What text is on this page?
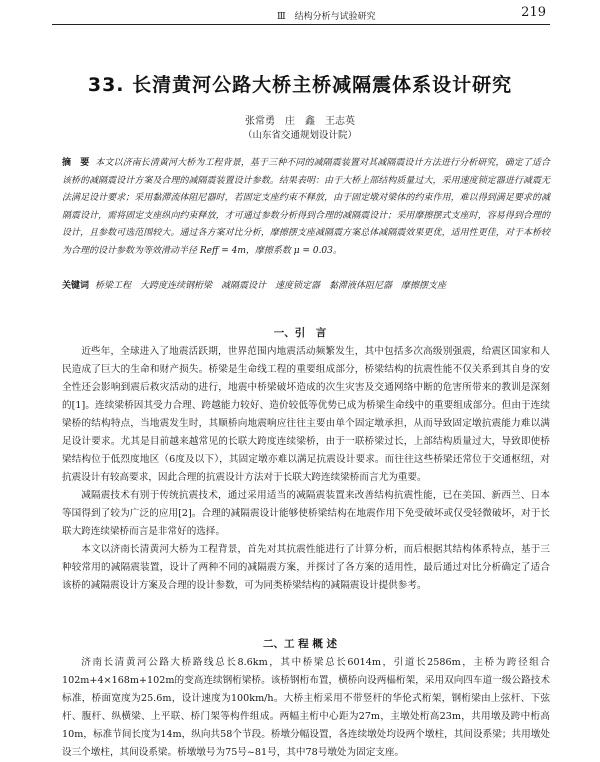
Ⅲ　结构分析与试验研究	219
33. 长清黄河公路大桥主桥减隔震体系设计研究
张常勇　庄　鑫　王志英
（山东省交通规划设计院）
摘　要 本文以济南长清黄河大桥为工程背景，基于三种不同的减隔震装置对其减隔震设计方法进行分析研究，确定了适合该桥的减隔震设计方案及合理的减隔震装置设计参数。结果表明：由于大桥上部结构质量过大，采用速度锁定器进行减震无法满足设计要求；采用黏滞流体阻尼器时，若固定支座约束不释放，由于固定墩对梁体的约束作用，难以得到满足要求的减隔震设计，需将固定支座纵向约束释放，才可通过参数分析得到合理的减隔震设计；采用摩擦摆式支座时，容易得到合理的设计，且参数可选范围较大。通过各方案对比分析，摩擦摆支座减隔震方案总体减隔震效果更优，适用性更佳，对于本桥较为合理的设计参数为等效滑动半径 Reff = 4m，摩擦系数 μ = 0.03。
关键词 桥梁工程　大跨度连续钢桁梁　减隔震设计　速度锁定器　黏滞液体阻尼器　摩擦摆支座
一、引　言

近些年，全球进入了地震活跃期，世界范围内地震活动频繁发生，其中包括多次高级别强震，给震区国家和人民造成了巨大的生命和财产损失。桥梁是生命线工程的重要组成部分，桥梁结构的抗震性能不仅关系到其自身的安全性还会影响到震后救灾活动的进行，地震中桥梁破坏造成的次生灾害及交通网络中断的危害所带来的教训是深刻的[1]。连续梁桥因其受力合理、跨越能力较好、造价较低等优势已成为桥梁生命线中的重要组成部分。但由于连续梁桥的结构特点，当地震发生时，其顺桥向地震响应往往主要由单个固定墩承担，从而导致固定墩抗震能力难以满足设计要求。尤其是目前越来越常见的长联大跨度连续梁桥，由于一联桥梁过长，上部结构质量过大，导致即使桥梁结构位于低烈度地区（6度及以下），其固定墩亦难以满足抗震设计要求。而往往这些桥梁还常位于交通枢纽，对抗震设计有较高要求，因此合理的抗震设计方法对于长联大跨连续梁桥而言尤为重要。

减隔震技术有别于传统抗震技术，通过采用适当的减隔震装置来改善结构抗震性能，已在美国、新西兰、日本等国得到了较为广泛的应用[2]。合理的减隔震设计能够使桥梁结构在地震作用下免受破坏或仅受轻微破坏，对于长联大跨连续梁桥而言是非常好的选择。

本文以济南长清黄河大桥为工程背景，首先对其抗震性能进行了计算分析，而后根据其结构体系特点，基于三种较常用的减隔震装置，设计了两种不同的减隔震方案，并探讨了各方案的适用性，最后通过对比分析确定了适合该桥的减隔震设计方案及合理的设计参数，可为同类桥梁结构的减隔震设计提供参考。

二、工 程 概 述

济南长清黄河公路大桥路线总长8.6km，其中桥梁总长6014m，引道长2586m，主桥为跨径组合102m+4×168m+102m的变高连续钢桁梁桥。该桥钢桁布置，横桥向设两榀桁架，采用双向四车道一级公路技术标准，桥面宽度为25.6m，设计速度为100km/h。大桥主桁采用不带竖杆的华伦式桁架，钢桁梁由上弦杆、下弦杆、腹杆、纵横梁、上平联、桥门架等构件组成。两幅主桁中心距为27m，主墩处桁高23m，共用墩及跨中桁高10m，标准节间长度为14m，纵向共58个节段。桥墩分幅设置，各连续墩处均设两个墩柱，其间设系梁；共用墩处设三个墩柱，其间设系梁。桥墩墩号为75号~81号，其中78号墩处为固定支座。
